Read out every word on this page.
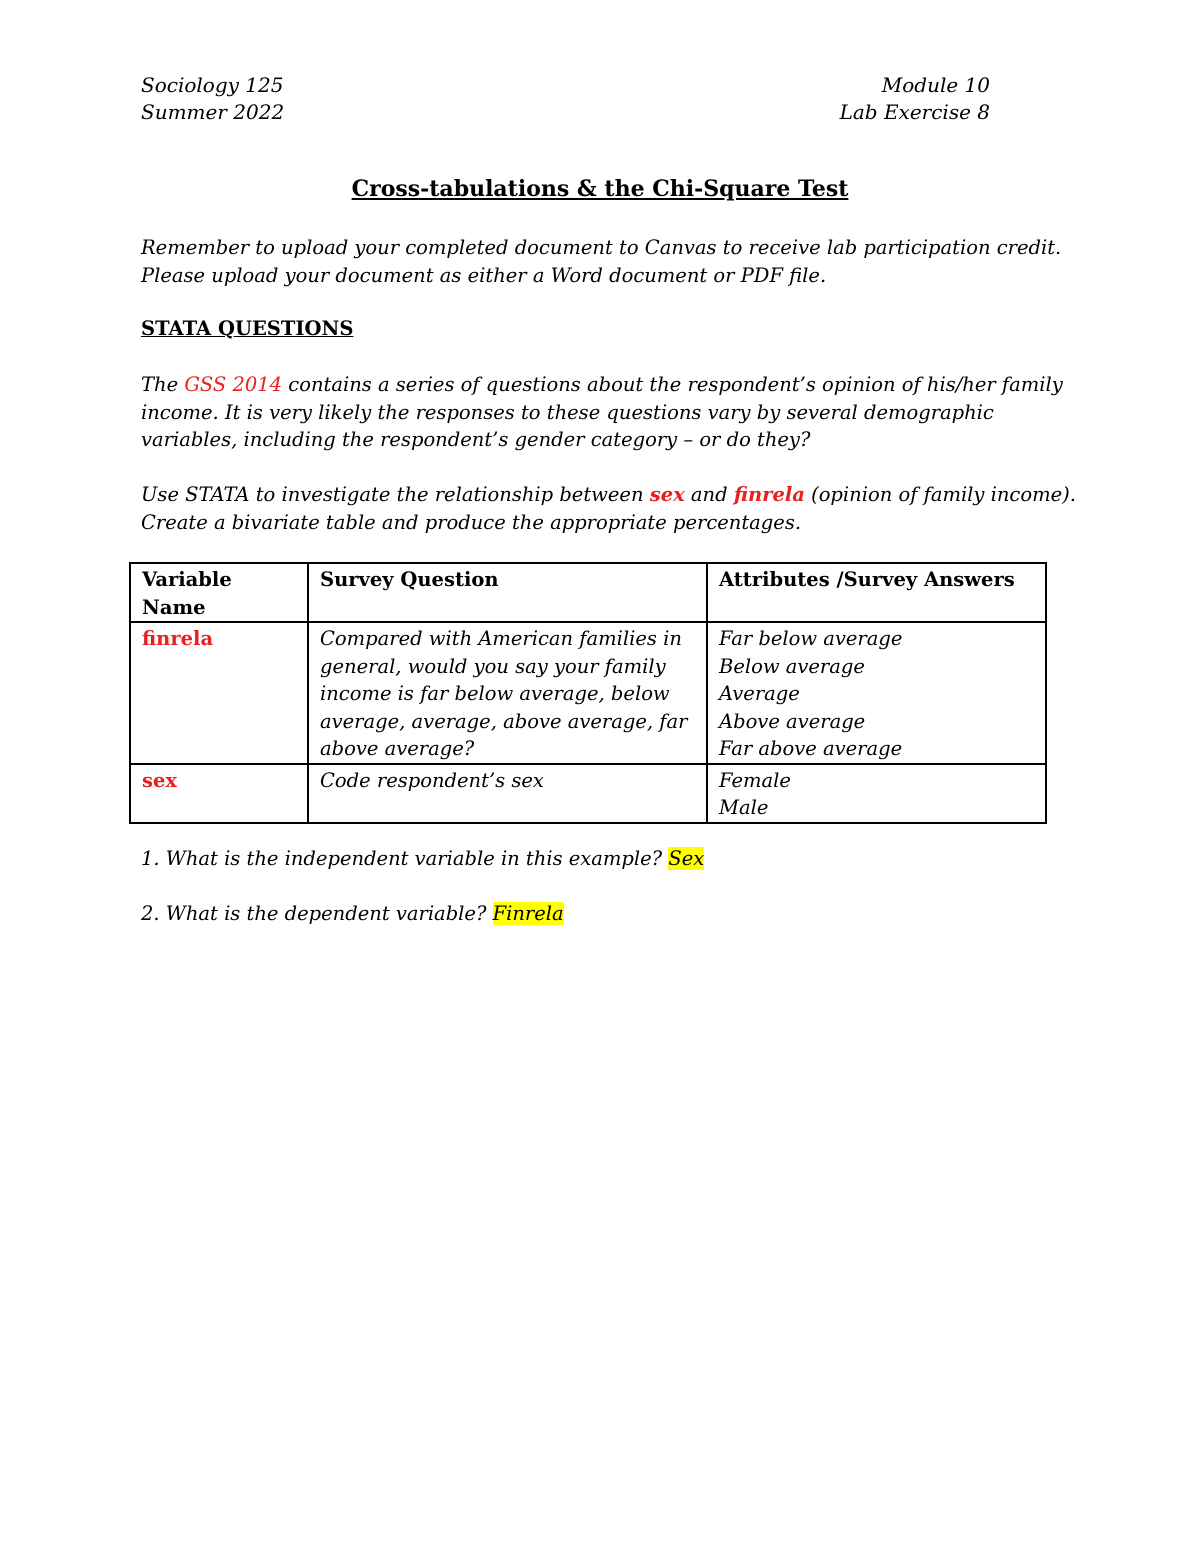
Sociology 125
Summer 2022
Module 10
Lab Exercise 8
Cross-tabulations & the Chi-Square Test
Remember to upload your completed document to Canvas to receive lab participation credit.
Please upload your document as either a Word document or PDF file.
STATA QUESTIONS
The GSS 2014 contains a series of questions about the respondent’s opinion of his/her family
income. It is very likely the responses to these questions vary by several demographic
variables, including the respondent’s gender category – or do they?
Use STATA to investigate the relationship between sex and finrela (opinion of family income).
Create a bivariate table and produce the appropriate percentages.
Variable Name	Survey Question	Attributes /Survey Answers
finrela	Compared with American families in general, would you say your family income is far below average, below average, average, above average, far above average?	Far below average
Below average
Average
Above average
Far above average

sex	Code respondent’s sex	Female
Male
1. What is the independent variable in this example? Sex
2. What is the dependent variable? Finrela
